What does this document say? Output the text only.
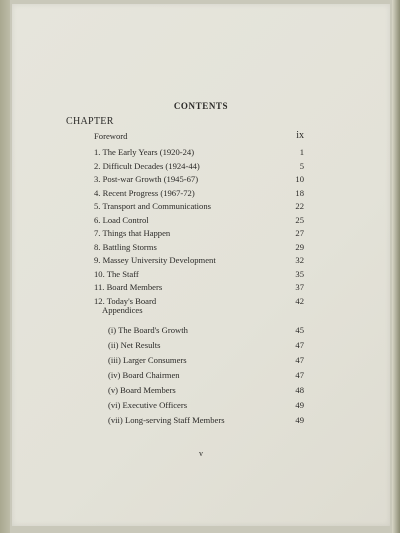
CONTENTS
CHAPTER
Foreword	ix
1. The Early Years (1920-24)	1
2. Difficult Decades (1924-44)	5
3. Post-war Growth (1945-67)	10
4. Recent Progress (1967-72)	18
5. Transport and Communications	22
6. Load Control	25
7. Things that Happen	27
8. Battling Storms	29
9. Massey University Development	32
10. The Staff	35
11. Board Members	37
12. Today's Board	42
Appendices
(i) The Board's Growth	45
(ii) Net Results	47
(iii) Larger Consumers	47
(iv) Board Chairmen	47
(v) Board Members	48
(vi) Executive Officers	49
(vii) Long-serving Staff Members	49
v
